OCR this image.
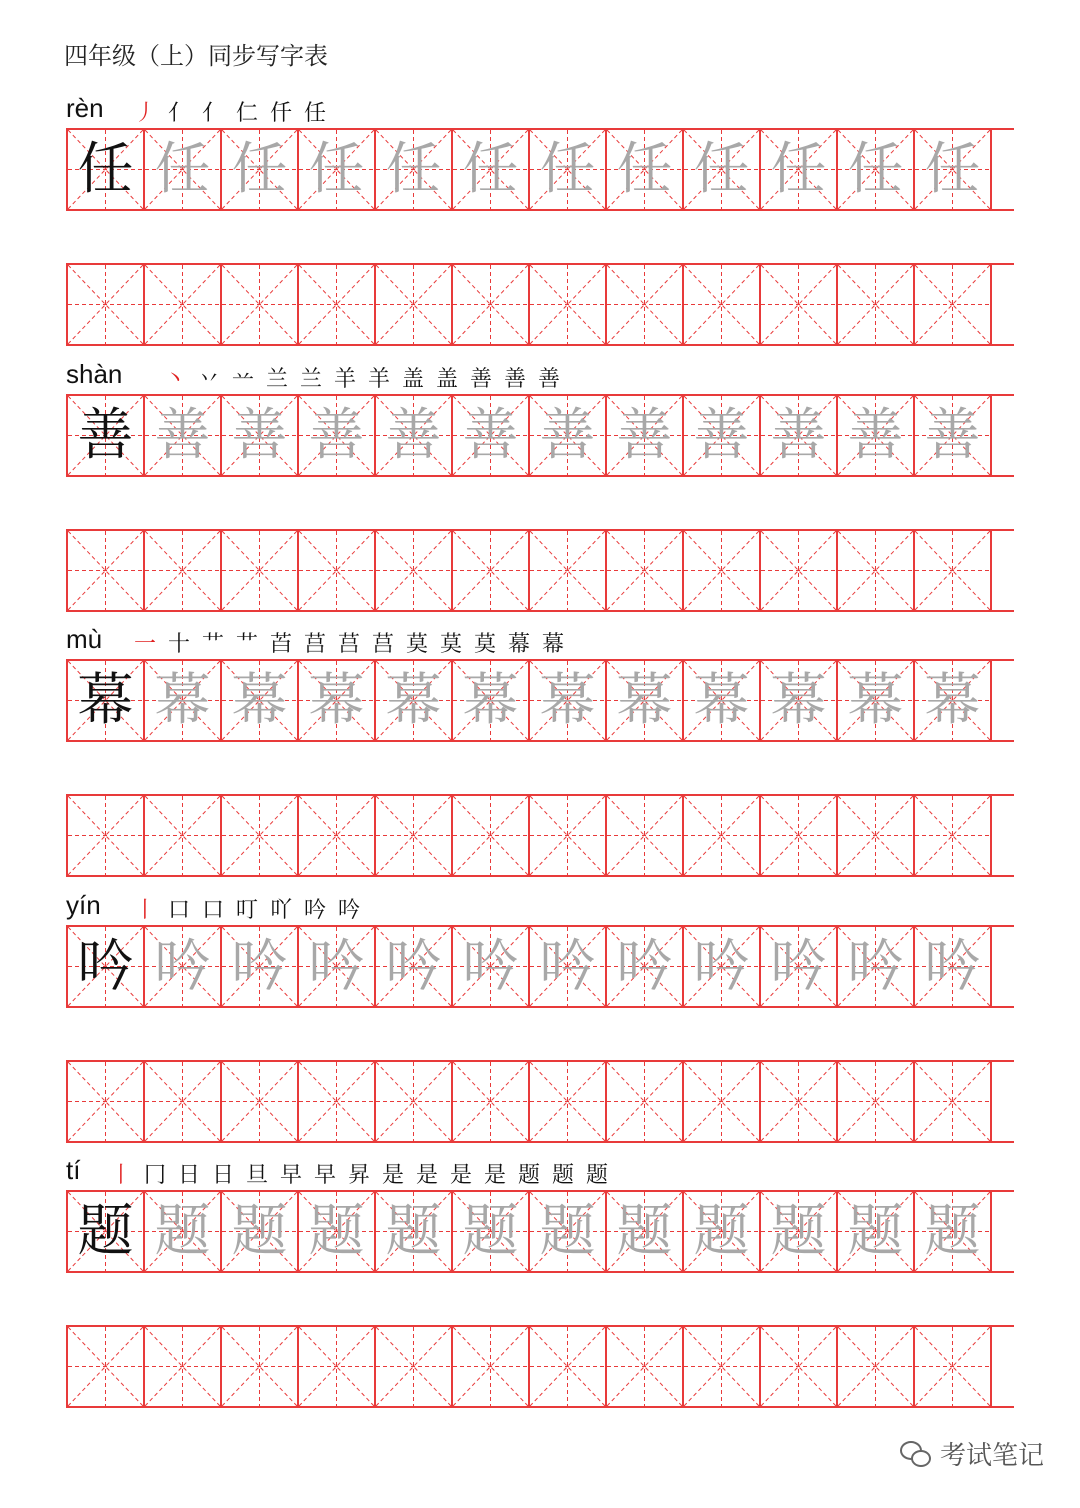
四年级（上）同步写字表
rèn 丿 亻 亻 仁 仟 任
任 任 任 任 任 任 任 任 任 任 任 任
shàn 丶 丷 䒑 兰 兰 羊 羊 盖 盖 善 善 善
善 善 善 善 善 善 善 善 善 善 善 善
mù 一 十 艹 艹 苩 莒 莒 莒 莫 莫 莫 幕 幕
幕 幕 幕 幕 幕 幕 幕 幕 幕 幕 幕 幕
yín 丨 口 口 叮 吖 吟 吟
吟 吟 吟 吟 吟 吟 吟 吟 吟 吟 吟 吟
tí 丨 冂 日 日 旦 早 早 昇 是 是 是 是 题 题 题
题 题 题 题 题 题 题 题 题 题 题 题
考试笔记
